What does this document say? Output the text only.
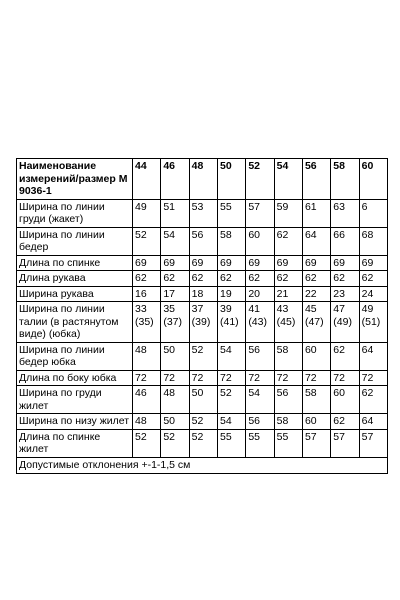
Наименование измерений/размер М 9036-1	44	46	48	50	52	54	56	58	60
Ширина по линии груди (жакет)	49	51	53	55	57	59	61	63	6
Ширина по линии бедер	52	54	56	58	60	62	64	66	68
Длина по спинке	69	69	69	69	69	69	69	69	69
Длина рукава	62	62	62	62	62	62	62	62	62
Ширина рукава	16	17	18	19	20	21	22	23	24
Ширина по линии талии (в растянутом виде) (юбка)	33 (35)	35 (37)	37 (39)	39 (41)	41 (43)	43 (45)	45 (47)	47 (49)	49 (51)
Ширина по линии бедер юбка	48	50	52	54	56	58	60	62	64
Длина по боку юбка	72	72	72	72	72	72	72	72	72
Ширина по груди жилет	46	48	50	52	54	56	58	60	62
Ширина по низу жилет	48	50	52	54	56	58	60	62	64
Длина по спинке жилет	52	52	52	55	55	55	57	57	57
Допустимые отклонения +-1-1,5 см
